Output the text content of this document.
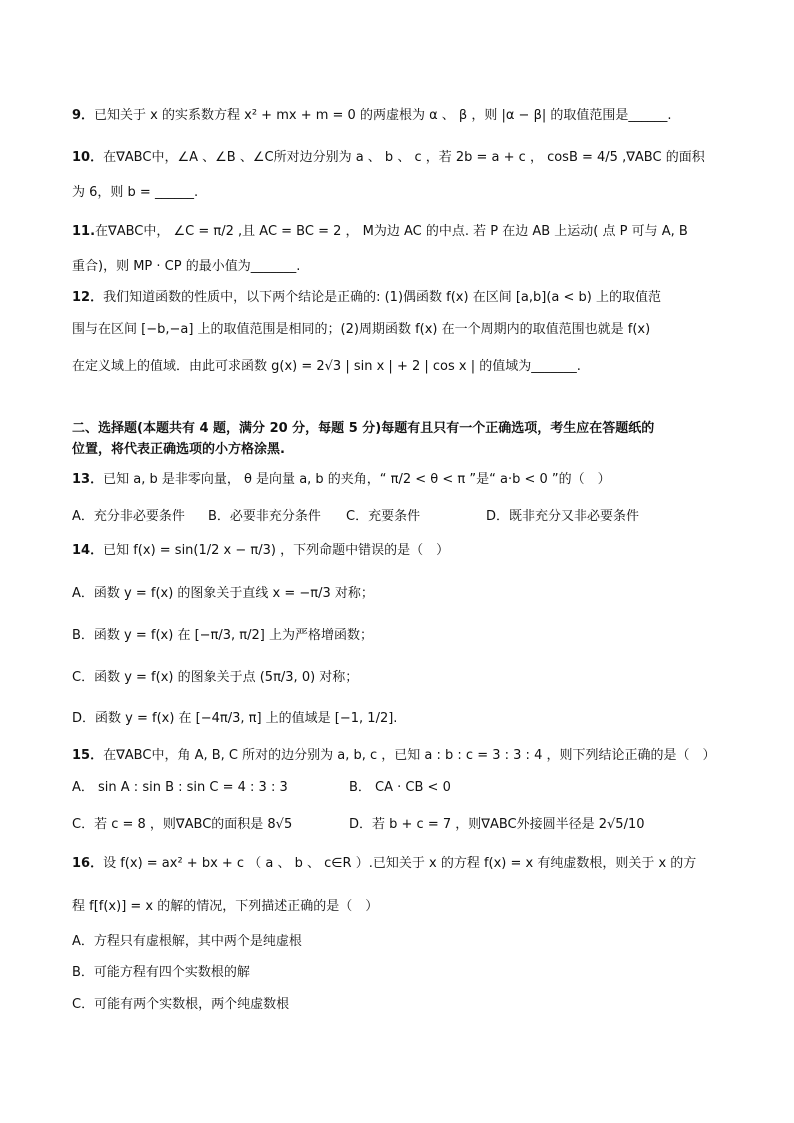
9．已知关于 x 的实系数方程 x² + mx + m = 0 的两虚根为 α 、 β ，则 |α − β| 的取值范围是______.
10．在∇ABC中，∠A 、∠B 、∠C所对边分别为 a 、 b 、 c ，若 2b = a + c ， cosB = 4/5 ,∇ABC 的面积
为 6，则 b = ______.
11.在∇ABC中， ∠C = π/2 ,且 AC = BC = 2 ， M为边 AC 的中点. 若 P 在边 AB 上运动( 点 P 可与 A, B
重合)，则 MP · CP 的最小值为_______.
12．我们知道函数的性质中，以下两个结论是正确的: (1)偶函数 f(x) 在区间 [a,b](a < b) 上的取值范
围与在区间 [−b,−a] 上的取值范围是相同的；(2)周期函数 f(x) 在一个周期内的取值范围也就是 f(x)
在定义域上的值域．由此可求函数 g(x) = 2√3 | sin x | + 2 | cos x | 的值域为_______.
二、选择题(本题共有 4 题，满分 20 分，每题 5 分)每题有且只有一个正确选项，考生应在答题纸的
位置，将代表正确选项的小方格涂黑.
13．已知 a, b 是非零向量， θ 是向量 a, b 的夹角，“ π/2 < θ < π ”是“ a·b < 0 ”的（　）
A．充分非必要条件 B．必要非充分条件 C．充要条件	D．既非充分又非必要条件
14．已知 f(x) = sin(1/2 x − π/3) ，下列命题中错误的是（　）
A．函数 y = f(x) 的图象关于直线 x = −π/3 对称；
B．函数 y = f(x) 在 [−π/3, π/2] 上为严格增函数；
C．函数 y = f(x) 的图象关于点 (5π/3, 0) 对称；
D．函数 y = f(x) 在 [−4π/3, π] 上的值域是 [−1, 1/2].
15．在∇ABC中，角 A, B, C 所对的边分别为 a, b, c ，已知 a : b : c = 3 : 3 : 4 ，则下列结论正确的是（　）
A． sin A : sin B : sin C = 4 : 3 : 3	B． CA · CB < 0
C．若 c = 8 ，则∇ABC的面积是 8√5	D．若 b + c = 7 ，则∇ABC外接圆半径是 2√5/10
16．设 f(x) = ax² + bx + c （ a 、 b 、 c∈R ）.已知关于 x 的方程 f(x) = x 有纯虚数根，则关于 x 的方
程 f[f(x)] = x 的解的情况，下列描述正确的是（　）
A．方程只有虚根解，其中两个是纯虚根
B．可能方程有四个实数根的解
C．可能有两个实数根，两个纯虚数根
